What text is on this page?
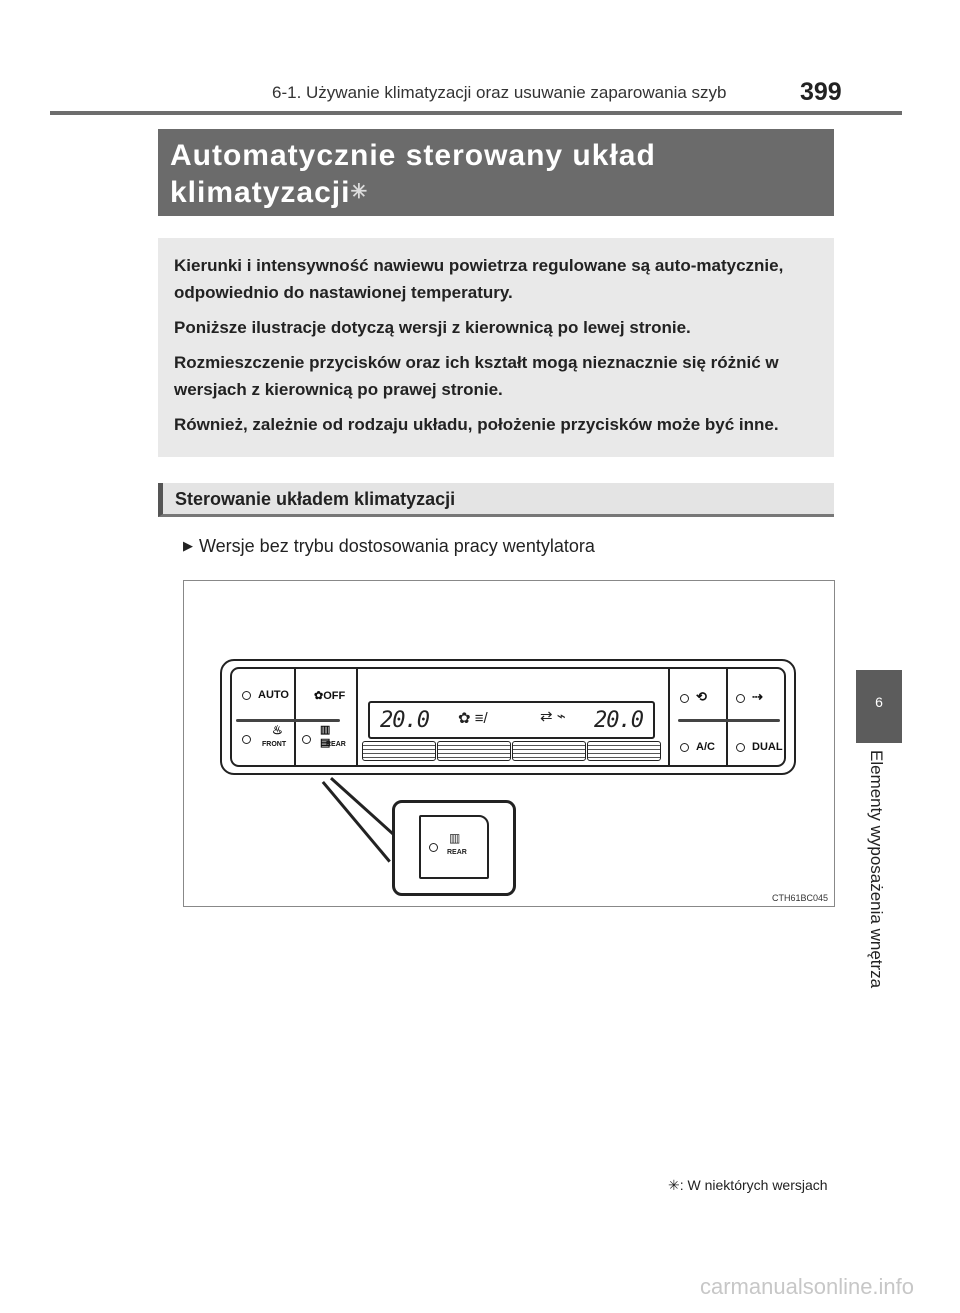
6-1. Używanie klimatyzacji oraz usuwanie zaparowania szyb	399
Automatycznie sterowany układ
klimatyzacji✳

Kierunki i intensywność nawiewu powietrza regulowane są auto-matycznie, odpowiednio do nastawionej temperatury.

Poniższe ilustracje dotyczą wersji z kierownicą po lewej stronie.

Rozmieszczenie przycisków oraz ich kształt mogą nieznacznie się różnić w wersjach z kierownicą po prawej stronie.

Również, zależnie od rodzaju układu, położenie przycisków może być inne.

Sterowanie układem klimatyzacji
▶ Wersje bez trybu dostosowania pracy wentylatora
AUTO ✿OFF
♨
FRONT
▥ ▤
REAR
⟲	⇢
A/C	DUAL
20.0 ✿ ≡/	⇄ ⌁ 20.0
▥
REAR
CTH61BC045
6
Elementy wyposażenia wnętrza
✳: W niektórych wersjach
carmanualsonline.info
